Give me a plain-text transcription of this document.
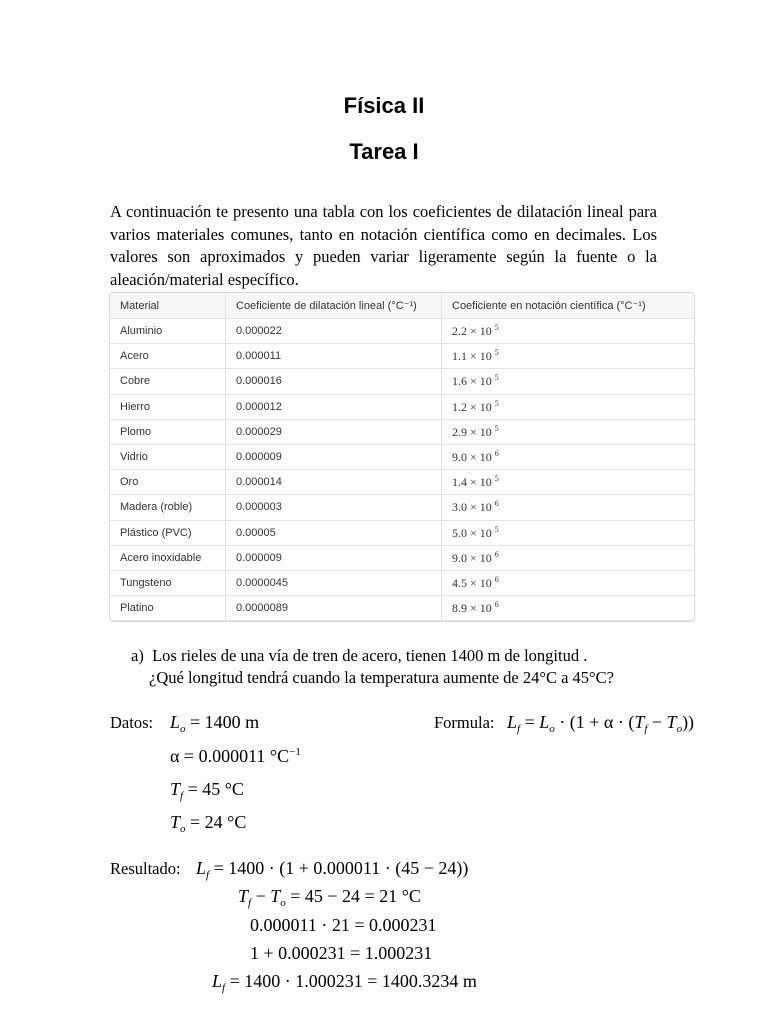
Física II
Tarea I
A continuación te presento una tabla con los coeficientes de dilatación lineal para varios materiales comunes, tanto en notación científica como en decimales. Los valores son aproximados y pueden variar ligeramente según la fuente o la aleación/material específico.
Material	Coeficiente de dilatación lineal (°C⁻¹)	Coeficiente en notación científica (°C⁻¹)
Aluminio	0.000022	2.2 × 10 $^5$
Acero	0.000011	1.1 × 10 $^5$
Cobre	0.000016	1.6 × 10 $^5$
Hierro	0.000012	1.2 × 10 $^5$
Plomo	0.000029	2.9 × 10 $^5$
Vidrio	0.000009	9.0 × 10 $^6$
Oro	0.000014	1.4 × 10 $^5$
Madera (roble)	0.000003	3.0 × 10 $^6$
Plástico (PVC)	0.00005	5.0 × 10 $^5$
Acero inoxidable	0.000009	9.0 × 10 $^6$
Tungsteno	0.0000045	4.5 × 10 $^6$
Platino	0.0000089	8.9 × 10 $^6$
a) Los rieles de una vía de tren de acero, tienen 1400 m de longitud .
¿Qué longitud tendrá cuando la temperatura aumente de 24°C a 45°C?
Datos: $L_o = 1400$ m
α = 0.000011 $^\circ C^{-1}$
$T_f = 45$ °C
$T_o = 24$ °C
Formula: $L_f = L_o \cdot (1 + \alpha \cdot (T_f - T_o))$
Resultado: $L_f = 1400 \cdot (1 + 0.000011 \cdot (45 - 24))$
$T_f - T_o = 45 - 24 = 21$ °C
0.000011 · 21 = 0.000231
1 + 0.000231 = 1.000231
$L_f = 1400 \cdot 1.000231 = 1400.3234$ m
